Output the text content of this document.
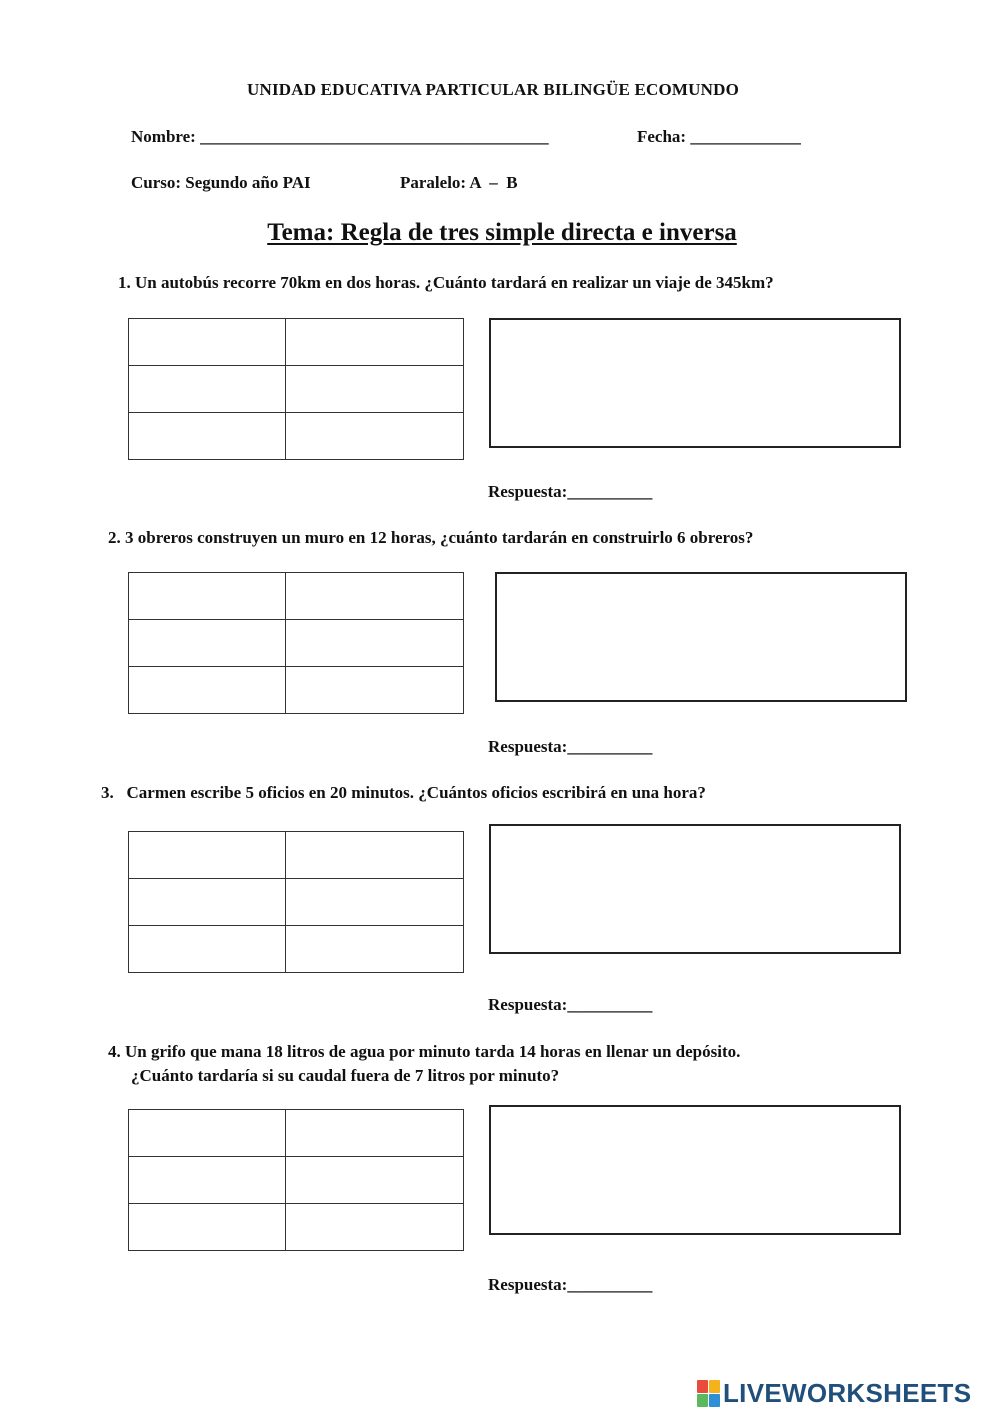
UNIDAD EDUCATIVA PARTICULAR BILINGÜE ECOMUNDO
Nombre: _________________________________________	Fecha: _____________
Curso: Segundo año PAI	Paralelo: A  –  B
Tema: Regla de tres simple directa e inversa
1. Un autobús recorre 70km en dos horas. ¿Cuánto tardará en realizar un viaje de 345km?

Respuesta:__________
2. 3 obreros construyen un muro en 12 horas, ¿cuánto tardarán en construirlo 6 obreros?

Respuesta:__________
3.   Carmen escribe 5 oficios en 20 minutos. ¿Cuántos oficios escribirá en una hora?

Respuesta:__________
4. Un grifo que mana 18 litros de agua por minuto tarda 14 horas en llenar un depósito.
¿Cuánto tardaría si su caudal fuera de 7 litros por minuto?

Respuesta:__________
LIVEWORKSHEETS
